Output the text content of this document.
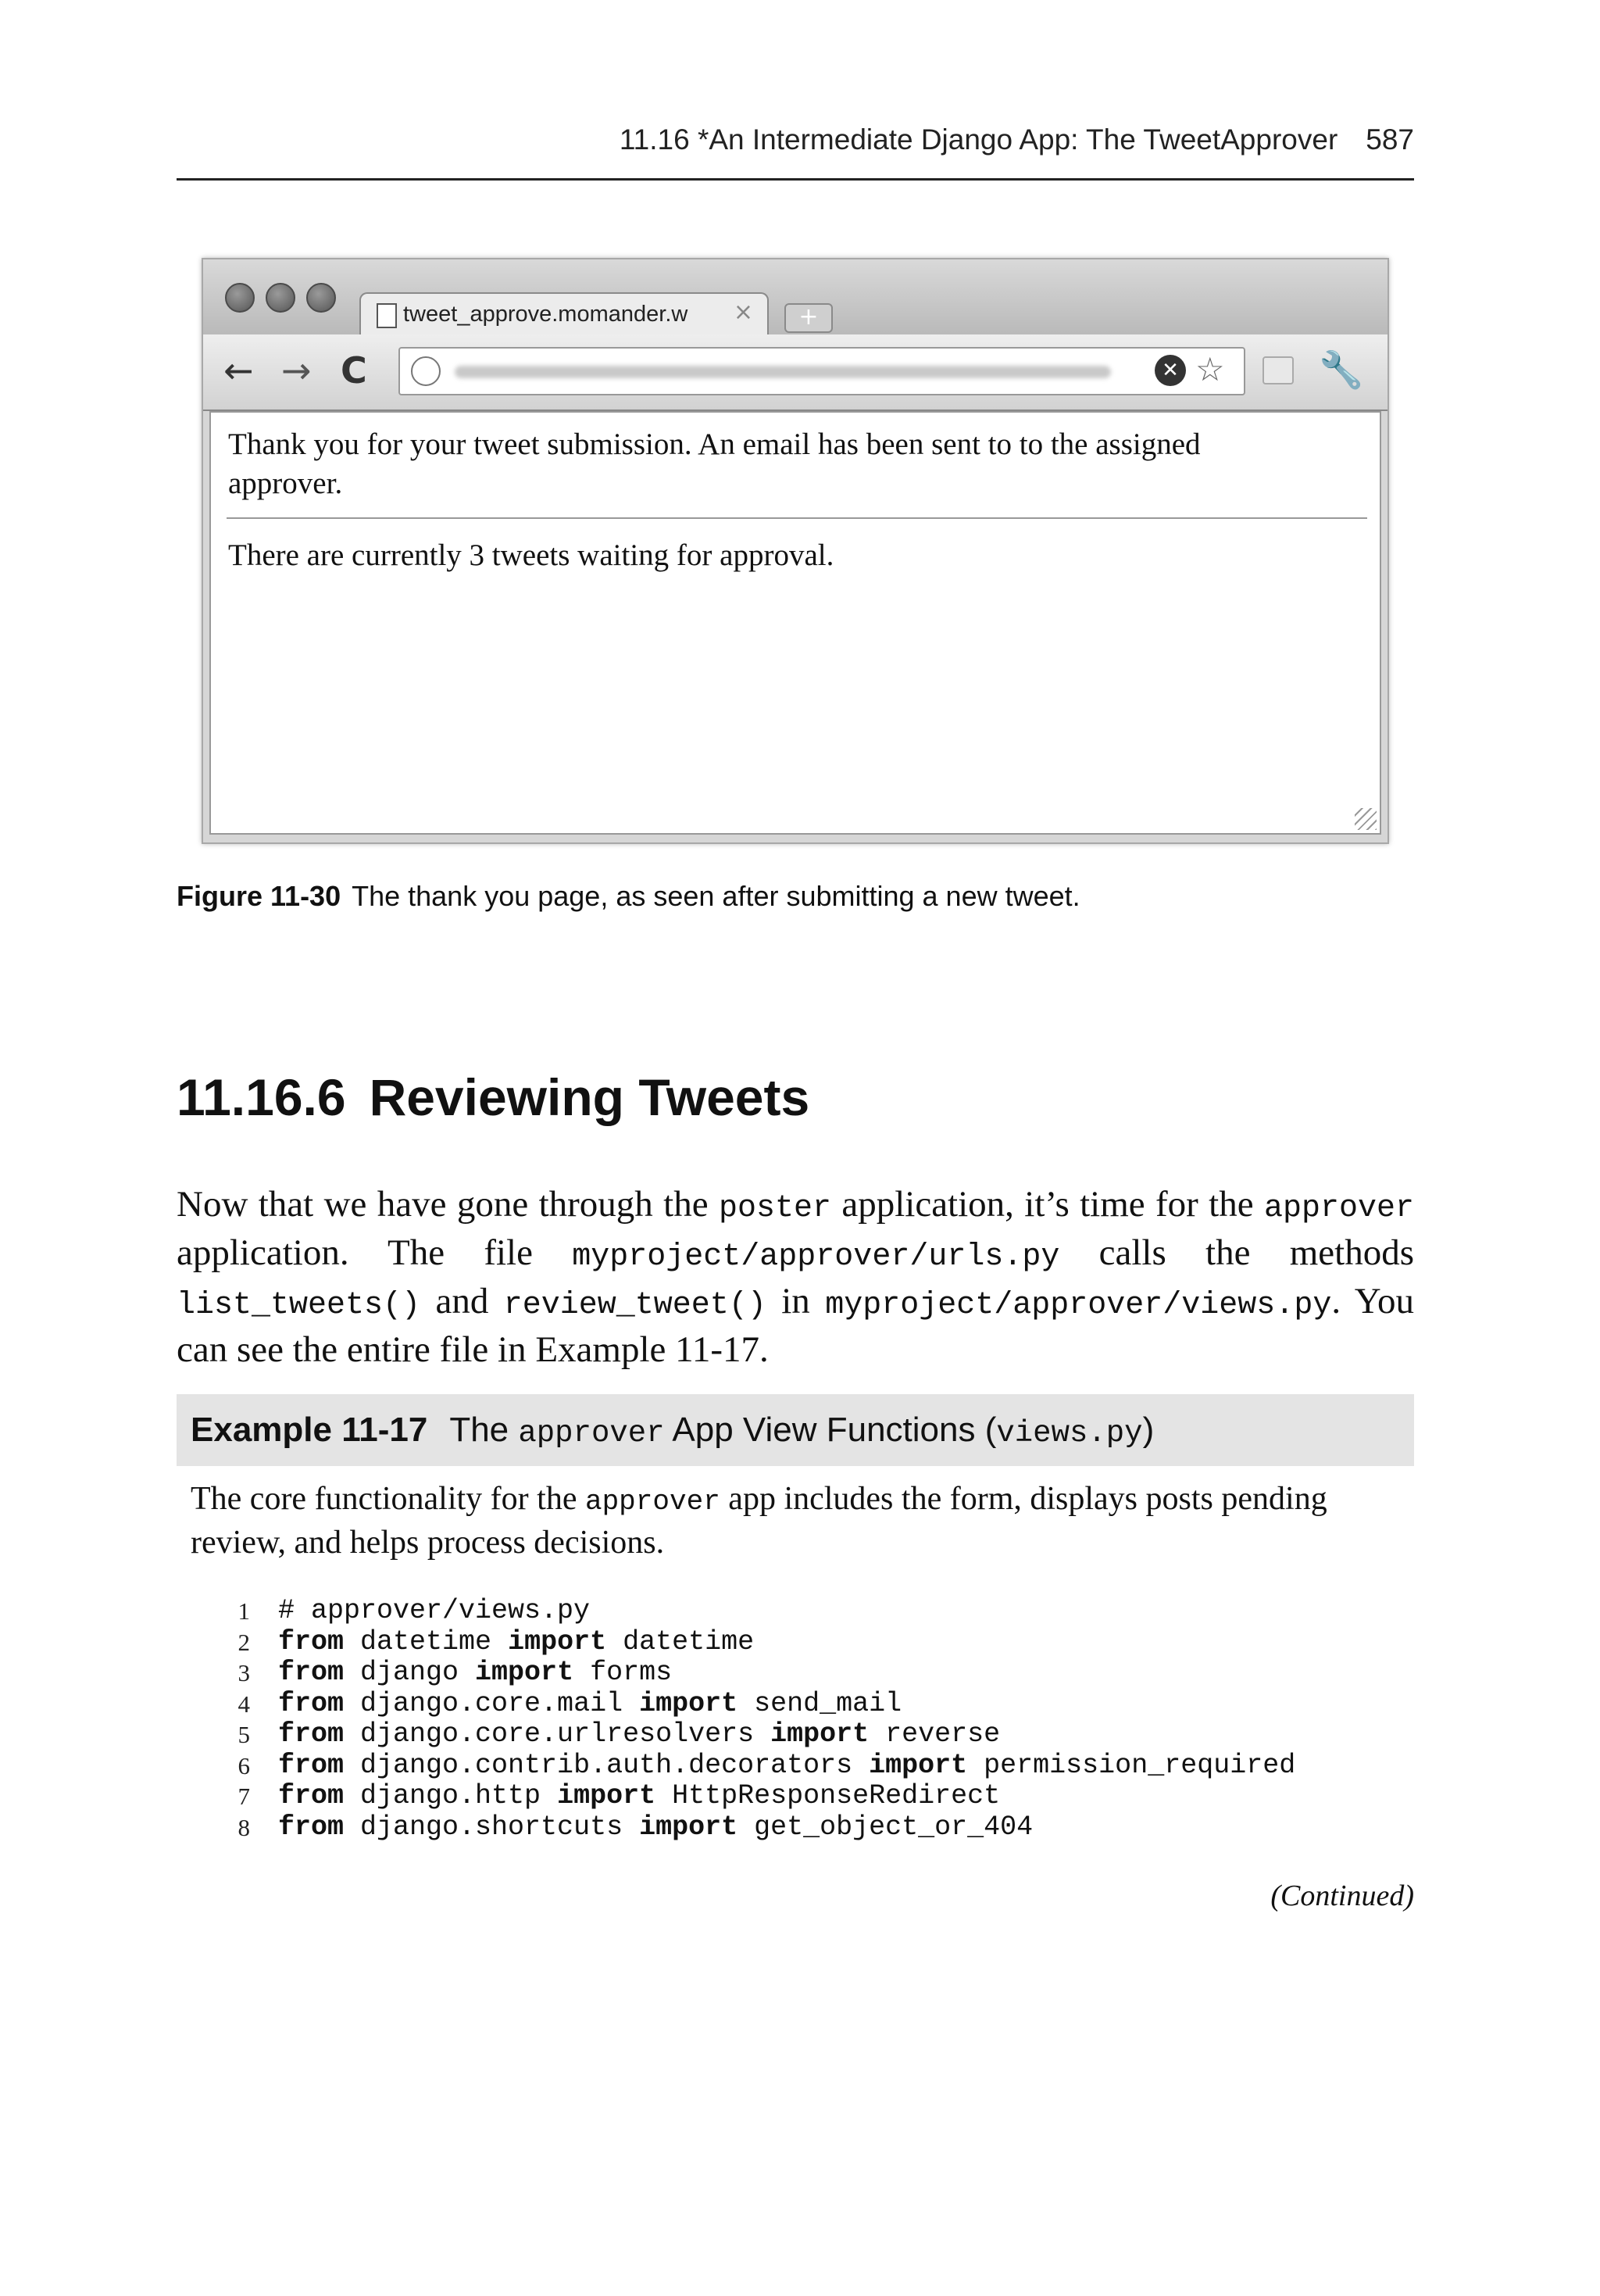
11.16 *An Intermediate Django App: The TweetApprover 587
tweet_approve.momander.w	×	+
← → C	✕ ☆	🔧
Thank you for your tweet submission. An email has been sent to to the assigned approver.
There are currently 3 tweets waiting for approval.
Figure 11-30 The thank you page, as seen after submitting a new tweet.
11.16.6 Reviewing Tweets

Now that we have gone through the poster application, it’s time for the approver application. The file myproject/approver/urls.py calls the methods list_tweets() and review_tweet() in myproject/approver/views.py. You can see the entire file in Example 11-17.

Example 11-17 The approver App View Functions (views.py)
The core functionality for the approver app includes the form, displays posts pending review, and helps process decisions.
1 # approver/views.py
2 from datetime import datetime
3 from django import forms
4 from django.core.mail import send_mail
5 from django.core.urlresolvers import reverse
6 from django.contrib.auth.decorators import permission_required
7 from django.http import HttpResponseRedirect
8 from django.shortcuts import get_object_or_404
(Continued)
